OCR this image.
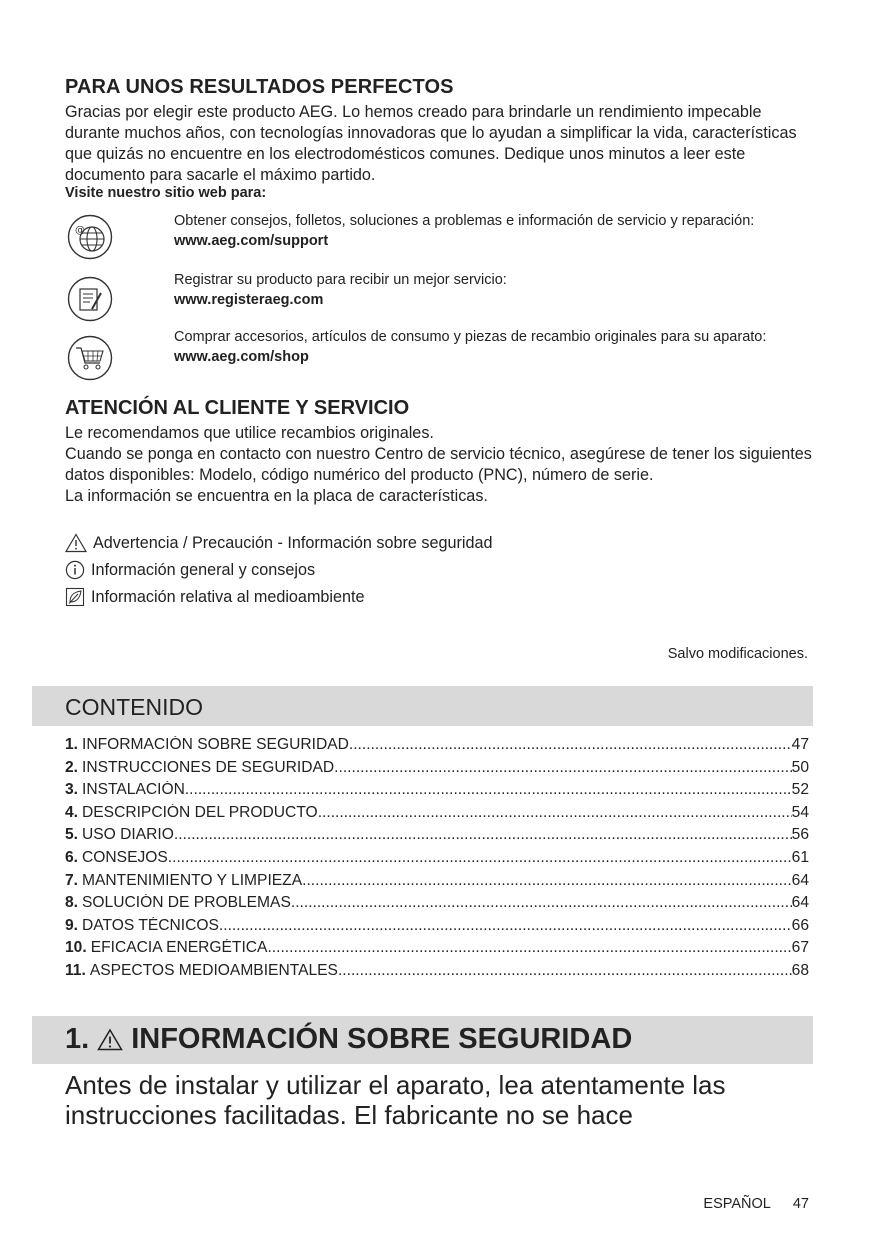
PARA UNOS RESULTADOS PERFECTOS

Gracias por elegir este producto AEG. Lo hemos creado para brindarle un rendimiento impecable durante muchos años, con tecnologías innovadoras que lo ayudan a simplificar la vida, características que quizás no encuentre en los electrodomésticos comunes. Dedique unos minutos a leer este documento para sacarle el máximo partido.

Visite nuestro sitio web para:

@

Obtener consejos, folletos, soluciones a problemas e información de servicio y reparación:
www.aeg.com/support

Registrar su producto para recibir un mejor servicio:
www.registeraeg.com

Comprar accesorios, artículos de consumo y piezas de recambio originales para su aparato:
www.aeg.com/shop

ATENCIÓN AL CLIENTE Y SERVICIO
Le recomendamos que utilice recambios originales.
Cuando se ponga en contacto con nuestro Centro de servicio técnico, asegúrese de tener los siguientes datos disponibles: Modelo, código numérico del producto (PNC), número de serie.
La información se encuentra en la placa de características.
Advertencia / Precaución - Información sobre seguridad
Información general y consejos
Información relativa al medioambiente
Salvo modificaciones.
CONTENIDO
1. INFORMACIÓN SOBRE SEGURIDAD .....	47
2. INSTRUCCIONES DE SEGURIDAD .....	50
3. INSTALACIÓN .....	52
4. DESCRIPCIÓN DEL PRODUCTO .....	54
5. USO DIARIO .....	56
6. CONSEJOS .....	61
7. MANTENIMIENTO Y LIMPIEZA .....	64
8. SOLUCIÓN DE PROBLEMAS .....	64
9. DATOS TÉCNICOS .....	66
10. EFICACIA ENERGÉTICA .....	67
11. ASPECTOS MEDIOAMBIENTALES .....	68
1. INFORMACIÓN SOBRE SEGURIDAD

Antes de instalar y utilizar el aparato, lea atentamente las instrucciones facilitadas. El fabricante no se hace

ESPAÑOL 47
